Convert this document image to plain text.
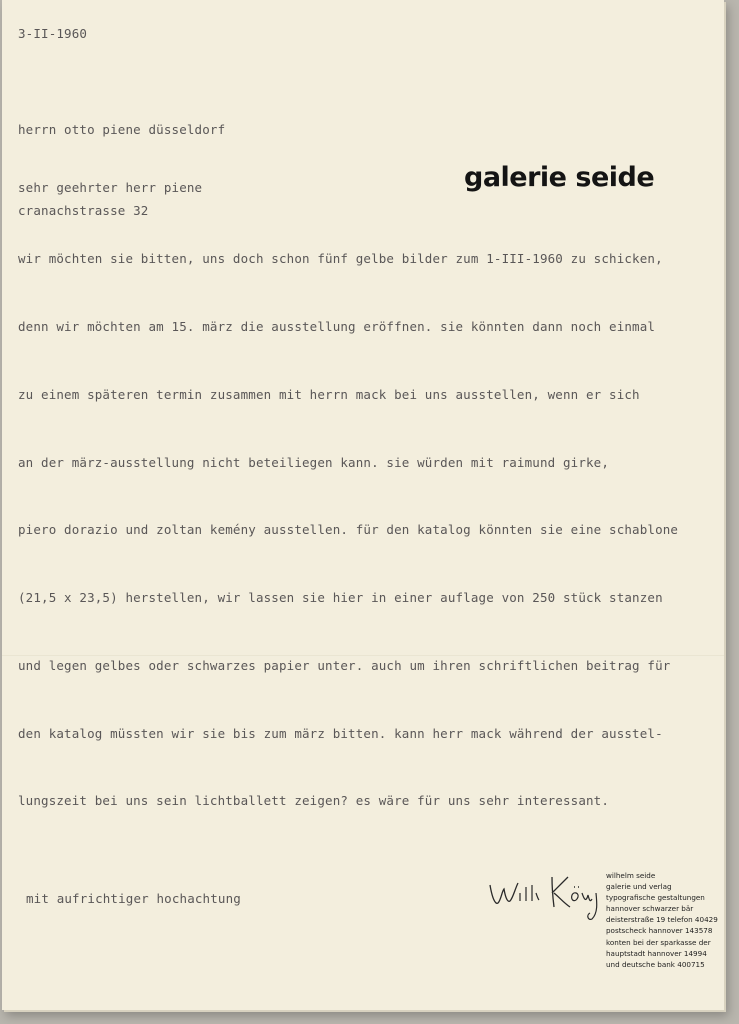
3-II-1960

herrn otto piene düsseldorf

cranachstrasse 32

galerie seide
sehr geehrter herr piene

wir möchten sie bitten, uns doch schon fünf gelbe bilder zum 1-III-1960 zu schicken,

denn wir möchten am 15. märz die ausstellung eröffnen. sie könnten dann noch einmal

zu einem späteren termin zusammen mit herrn mack bei uns ausstellen, wenn er sich

an der märz-ausstellung nicht beteiliegen kann. sie würden mit raimund girke,

piero dorazio und zoltan kemény ausstellen. für den katalog könnten sie eine schablone

(21,5 x 23,5) herstellen, wir lassen sie hier in einer auflage von 250 stück stanzen

und legen gelbes oder schwarzes papier unter. auch um ihren schriftlichen beitrag für

den katalog müssten wir sie bis zum märz bitten. kann herr mack während der ausstel-

lungszeit bei uns sein lichtballett zeigen? es wäre für uns sehr interessant.

mit aufrichtiger hochachtung
wilhelm seide
galerie und verlag
typografische gestaltungen
hannover schwarzer bär
deisterstraße 19 telefon 40429
postscheck hannover 143578
konten bei der sparkasse der
hauptstadt hannover 14994
und deutsche bank 400715
